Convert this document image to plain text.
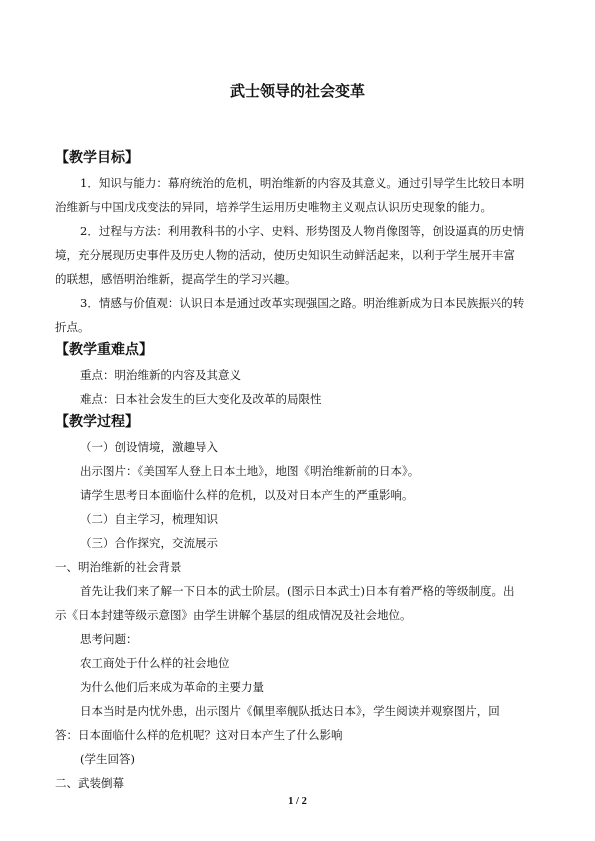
武士领导的社会变革
【教学目标】
1．知识与能力：幕府统治的危机，明治维新的内容及其意义。通过引导学生比较日本明
治维新与中国戊戌变法的异同，培养学生运用历史唯物主义观点认识历史现象的能力。
2．过程与方法：利用教科书的小字、史料、形势图及人物肖像图等，创设逼真的历史情
境，充分展现历史事件及历史人物的活动，使历史知识生动鲜活起来，以利于学生展开丰富
的联想，感悟明治维新，提高学生的学习兴趣。
3．情感与价值观：认识日本是通过改革实现强国之路。明治维新成为日本民族振兴的转
折点。
【教学重难点】
重点：明治维新的内容及其意义
难点：日本社会发生的巨大变化及改革的局限性
【教学过程】
（一）创设情境，激趣导入
出示图片：《美国军人登上日本土地》，地图《明治维新前的日本》。
请学生思考日本面临什么样的危机，以及对日本产生的严重影响。
（二）自主学习，梳理知识
（三）合作探究，交流展示
一、明治维新的社会背景
首先让我们来了解一下日本的武士阶层。(图示日本武士)日本有着严格的等级制度。出
示《日本封建等级示意图》由学生讲解个基层的组成情况及社会地位。
思考问题：
农工商处于什么样的社会地位
为什么他们后来成为革命的主要力量
日本当时是内忧外患，出示图片《佩里率舰队抵达日本》，学生阅读并观察图片，回
答：日本面临什么样的危机呢？这对日本产生了什么影响
(学生回答)
二、武装倒幕
1 / 2
